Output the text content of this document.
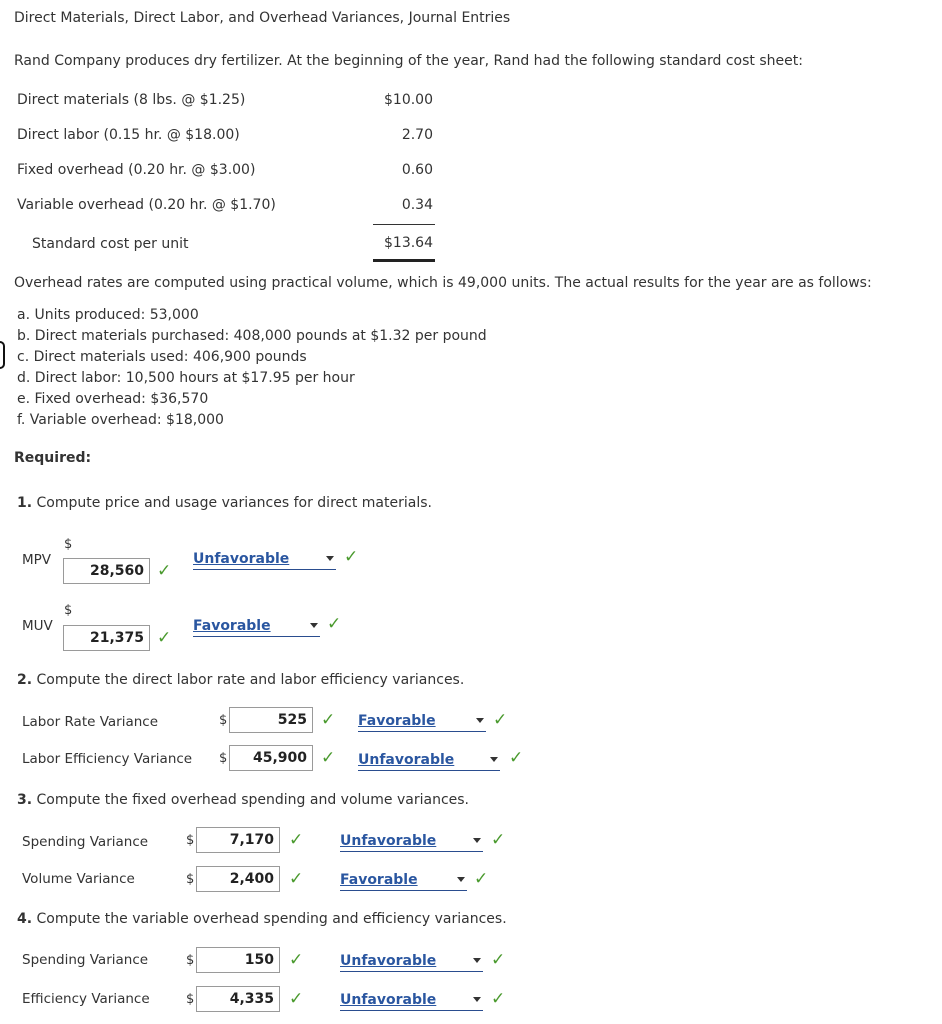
Direct Materials, Direct Labor, and Overhead Variances, Journal Entries
Rand Company produces dry fertilizer. At the beginning of the year, Rand had the following standard cost sheet:
Direct materials (8 lbs. @ $1.25)	$10.00
Direct labor (0.15 hr. @ $18.00)	2.70
Fixed overhead (0.20 hr. @ $3.00)	0.60
Variable overhead (0.20 hr. @ $1.70)	0.34
Standard cost per unit	$13.64
Overhead rates are computed using practical volume, which is 49,000 units. The actual results for the year are as follows:
a. Units produced: 53,000
b. Direct materials purchased: 408,000 pounds at $1.32 per pound
c. Direct materials used: 406,900 pounds
d. Direct labor: 10,500 hours at $17.95 per hour
e. Fixed overhead: $36,570
f. Variable overhead: $18,000
Required:
1. Compute price and usage variances for direct materials.
MPV
$
28,560 ✓
Unfavorable	✓
MUV
$
21,375 ✓
Favorable	✓
2. Compute the direct labor rate and labor efficiency variances.
Labor Rate Variance	$	525 ✓ Favorable	✓
Labor Efficiency Variance $	45,900 ✓ Unfavorable	✓
3. Compute the fixed overhead spending and volume variances.
Spending Variance	$	7,170 ✓	Unfavorable	✓
Volume Variance	$	2,400 ✓	Favorable	✓
4. Compute the variable overhead spending and efficiency variances.
Spending Variance	$	150 ✓	Unfavorable	✓
Efficiency Variance	$	4,335 ✓	Unfavorable	✓
